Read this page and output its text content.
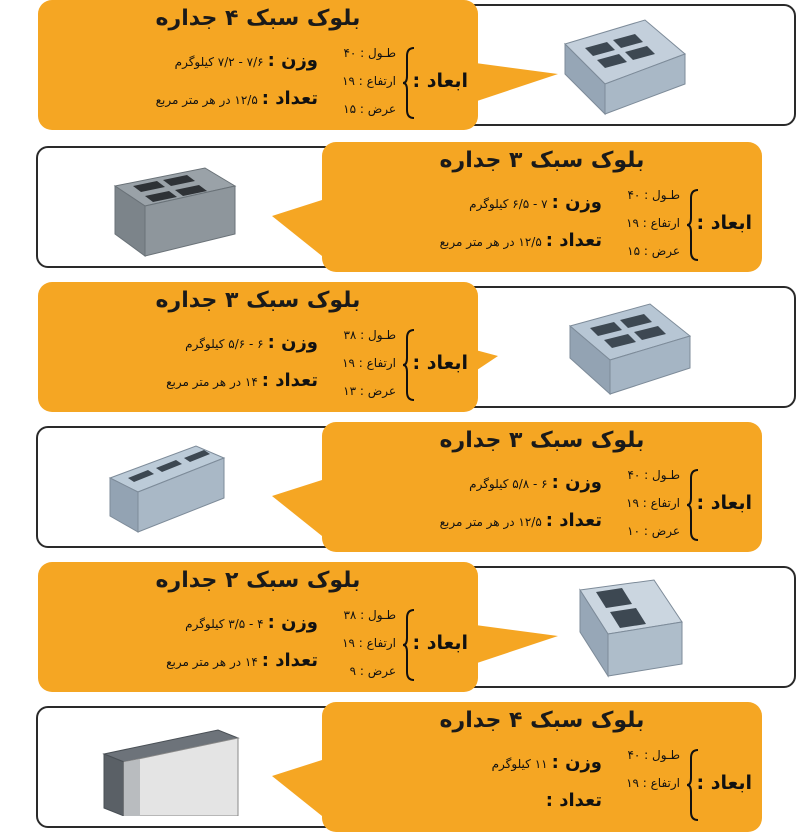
بلوک سبک ۴ جداره
ابعاد :
طـول : ۴۰
ارتفاع : ۱۹
عرض : ۱۵
وزن :۷/۶ - ۷/۲ کیلوگرم
تعداد :۱۲/۵ در هر متر مربع
بلوک سبک ۳ جداره
ابعاد :
طـول : ۴۰
ارتفاع : ۱۹
عرض : ۱۵
وزن :۷ - ۶/۵ کیلوگرم
تعداد :۱۲/۵ در هر متر مربع
بلوک سبک ۳ جداره
ابعاد :
طـول : ۳۸
ارتفاع : ۱۹
عرض : ۱۳
وزن :۶ - ۵/۶ کیلوگرم
تعداد :۱۴ در هر متر مربع
بلوک سبک ۳ جداره
ابعاد :
طـول : ۴۰
ارتفاع : ۱۹
عرض : ۱۰
وزن :۶ - ۵/۸ کیلوگرم
تعداد :۱۲/۵ در هر متر مربع
بلوک سبک ۲ جداره
ابعاد :
طـول : ۳۸
ارتفاع : ۱۹
عرض : ۹
وزن :۴ - ۳/۵ کیلوگرم
تعداد :۱۴ در هر متر مربع
بلوک سبک ۴ جداره
ابعاد :
طـول : ۴۰
ارتفاع : ۱۹
وزن :۱۱ کیلوگرم
تعداد :
